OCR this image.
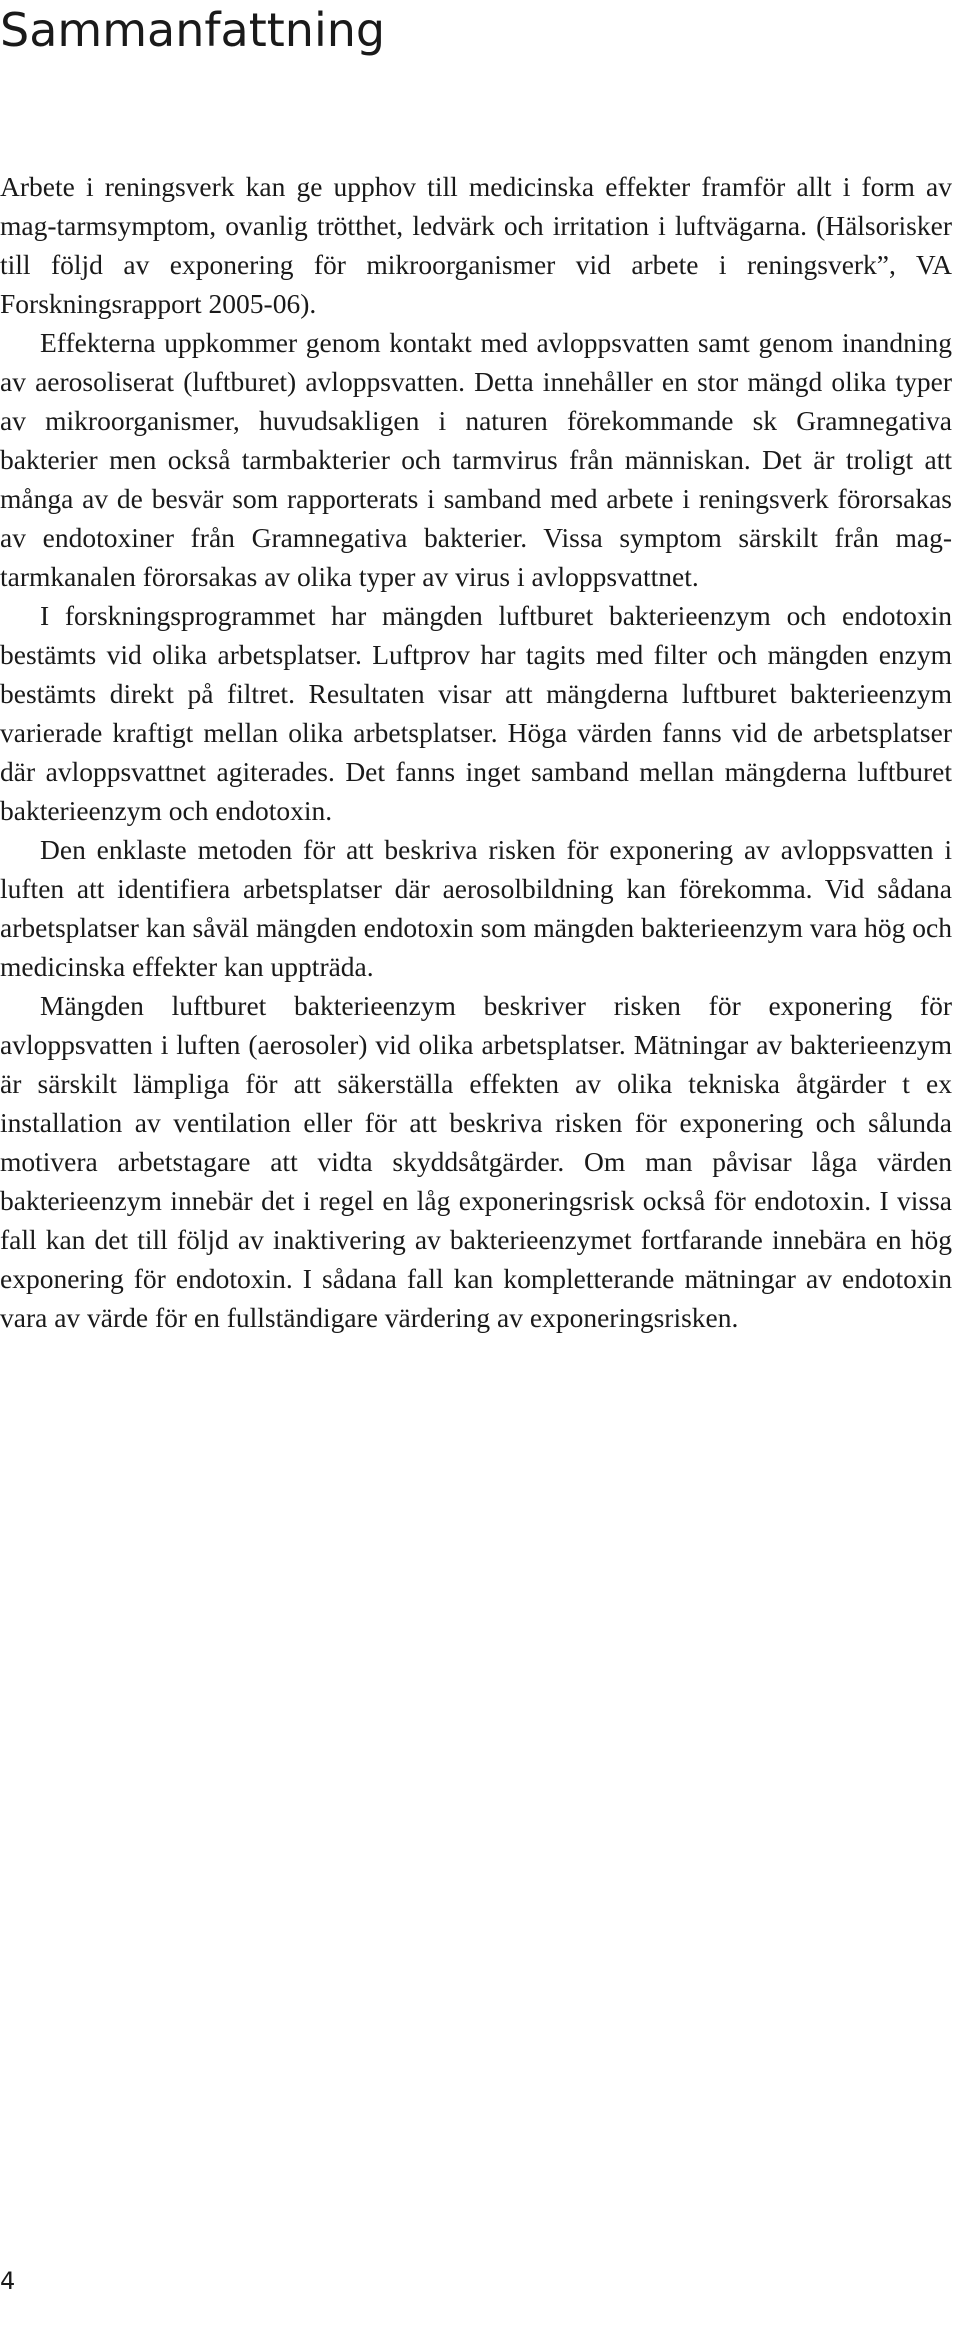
Sammanfattning

Arbete i reningsverk kan ge upphov till medicinska effekter framför allt i form av mag-tarmsymptom, ovanlig trötthet, ledvärk och irritation i luftvägarna. (Hälsorisker till följd av exponering för mikroorganismer vid arbete i reningsverk”, VA Forskningsrapport 2005-06).

Effekterna uppkommer genom kontakt med avloppsvatten samt genom inandning av aerosoliserat (luftburet) avloppsvatten. Detta innehåller en stor mängd olika typer av mikroorganismer, huvudsakligen i naturen förekommande sk Gramnegativa bakterier men också tarmbakterier och tarmvirus från människan. Det är troligt att många av de besvär som rapporterats i samband med arbete i reningsverk förorsakas av endotoxiner från Gramnegativa bakterier. Vissa symptom särskilt från mag-tarmkanalen förorsakas av olika typer av virus i avloppsvattnet.

I forskningsprogrammet har mängden luftburet bakterieenzym och endotoxin bestämts vid olika arbetsplatser. Luftprov har tagits med filter och mängden enzym bestämts direkt på filtret. Resultaten visar att mängderna luftburet bakterieenzym varierade kraftigt mellan olika arbetsplatser. Höga värden fanns vid de arbetsplatser där avloppsvattnet agiterades. Det fanns inget samband mellan mängderna luftburet bakterieenzym och endotoxin.

Den enklaste metoden för att beskriva risken för exponering av avloppsvatten i luften att identifiera arbetsplatser där aerosolbildning kan förekomma. Vid sådana arbetsplatser kan såväl mängden endotoxin som mängden bakterieenzym vara hög och medicinska effekter kan uppträda.

Mängden luftburet bakterieenzym beskriver risken för exponering för avloppsvatten i luften (aerosoler) vid olika arbetsplatser. Mätningar av bakterieenzym är särskilt lämpliga för att säkerställa effekten av olika tekniska åtgärder t ex installation av ventilation eller för att beskriva risken för exponering och sålunda motivera arbetstagare att vidta skyddsåtgärder. Om man påvisar låga värden bakterieenzym innebär det i regel en låg exponeringsrisk också för endotoxin. I vissa fall kan det till följd av inaktivering av bakterieenzymet fortfarande innebära en hög exponering för endotoxin. I sådana fall kan kompletterande mätningar av endotoxin vara av värde för en fullständigare värdering av exponeringsrisken.

4
